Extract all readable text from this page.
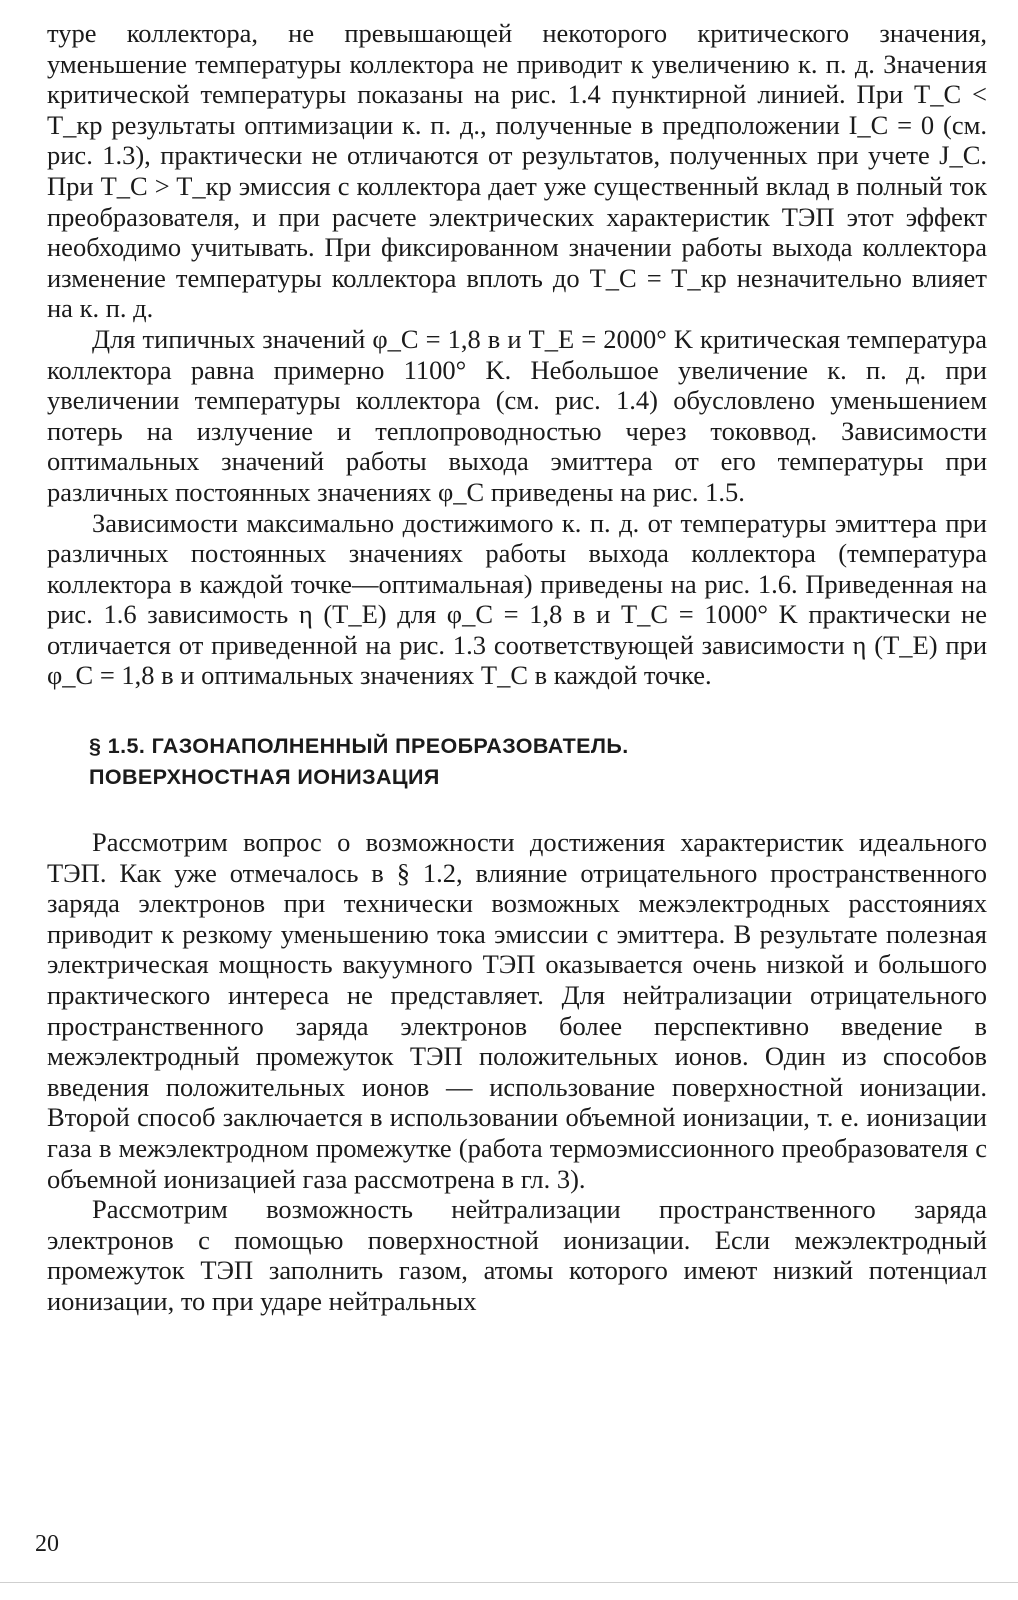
туре коллектора, не превышающей некоторого критического значения, уменьшение температуры коллектора не приводит к увеличению к. п. д. Значения критической температуры показаны на рис. 1.4 пунктирной линией. При T_C < T_кр результаты оптимизации к. п. д., полученные в предположении I_C = 0 (см. рис. 1.3), практически не отличаются от результатов, полученных при учете J_C. При T_C > T_кр эмиссия с коллектора дает уже существенный вклад в полный ток преобразователя, и при расчете электрических характеристик ТЭП этот эффект необходимо учитывать. При фиксированном значении работы выхода коллектора изменение температуры коллектора вплоть до T_C = T_кр незначительно влияет на к. п. д.

Для типичных значений φ_C = 1,8 в и T_E = 2000° K критическая температура коллектора равна примерно 1100° K. Небольшое увеличение к. п. д. при увеличении температуры коллектора (см. рис. 1.4) обусловлено уменьшением потерь на излучение и теплопроводностью через токоввод. Зависимости оптимальных значений работы выхода эмиттера от его температуры при различных постоянных значениях φ_C приведены на рис. 1.5.

Зависимости максимально достижимого к. п. д. от температуры эмиттера при различных постоянных значениях работы выхода коллектора (температура коллектора в каждой точке—оптимальная) приведены на рис. 1.6. Приведенная на рис. 1.6 зависимость η (T_E) для φ_C = 1,8 в и T_C = 1000° K практически не отличается от приведенной на рис. 1.3 соответствующей зависимости η (T_E) при φ_C = 1,8 в и оптимальных значениях T_C в каждой точке.

§ 1.5. ГАЗОНАПОЛНЕННЫЙ ПРЕОБРАЗОВАТЕЛЬ.
ПОВЕРХНОСТНАЯ ИОНИЗАЦИЯ

Рассмотрим вопрос о возможности достижения характеристик идеального ТЭП. Как уже отмечалось в § 1.2, влияние отрицательного пространственного заряда электронов при технически возможных межэлектродных расстояниях приводит к резкому уменьшению тока эмиссии с эмиттера. В результате полезная электрическая мощность вакуумного ТЭП оказывается очень низкой и большого практического интереса не представляет. Для нейтрализации отрицательного пространственного заряда электронов более перспективно введение в межэлектродный промежуток ТЭП положительных ионов. Один из способов введения положительных ионов — использование поверхностной ионизации. Второй способ заключается в использовании объемной ионизации, т. е. ионизации газа в межэлектродном промежутке (работа термоэмиссионного преобразователя с объемной ионизацией газа рассмотрена в гл. 3).

Рассмотрим возможность нейтрализации пространственного заряда электронов с помощью поверхностной ионизации. Если межэлектродный промежуток ТЭП заполнить газом, атомы которого имеют низкий потенциал ионизации, то при ударе нейтральных

20
